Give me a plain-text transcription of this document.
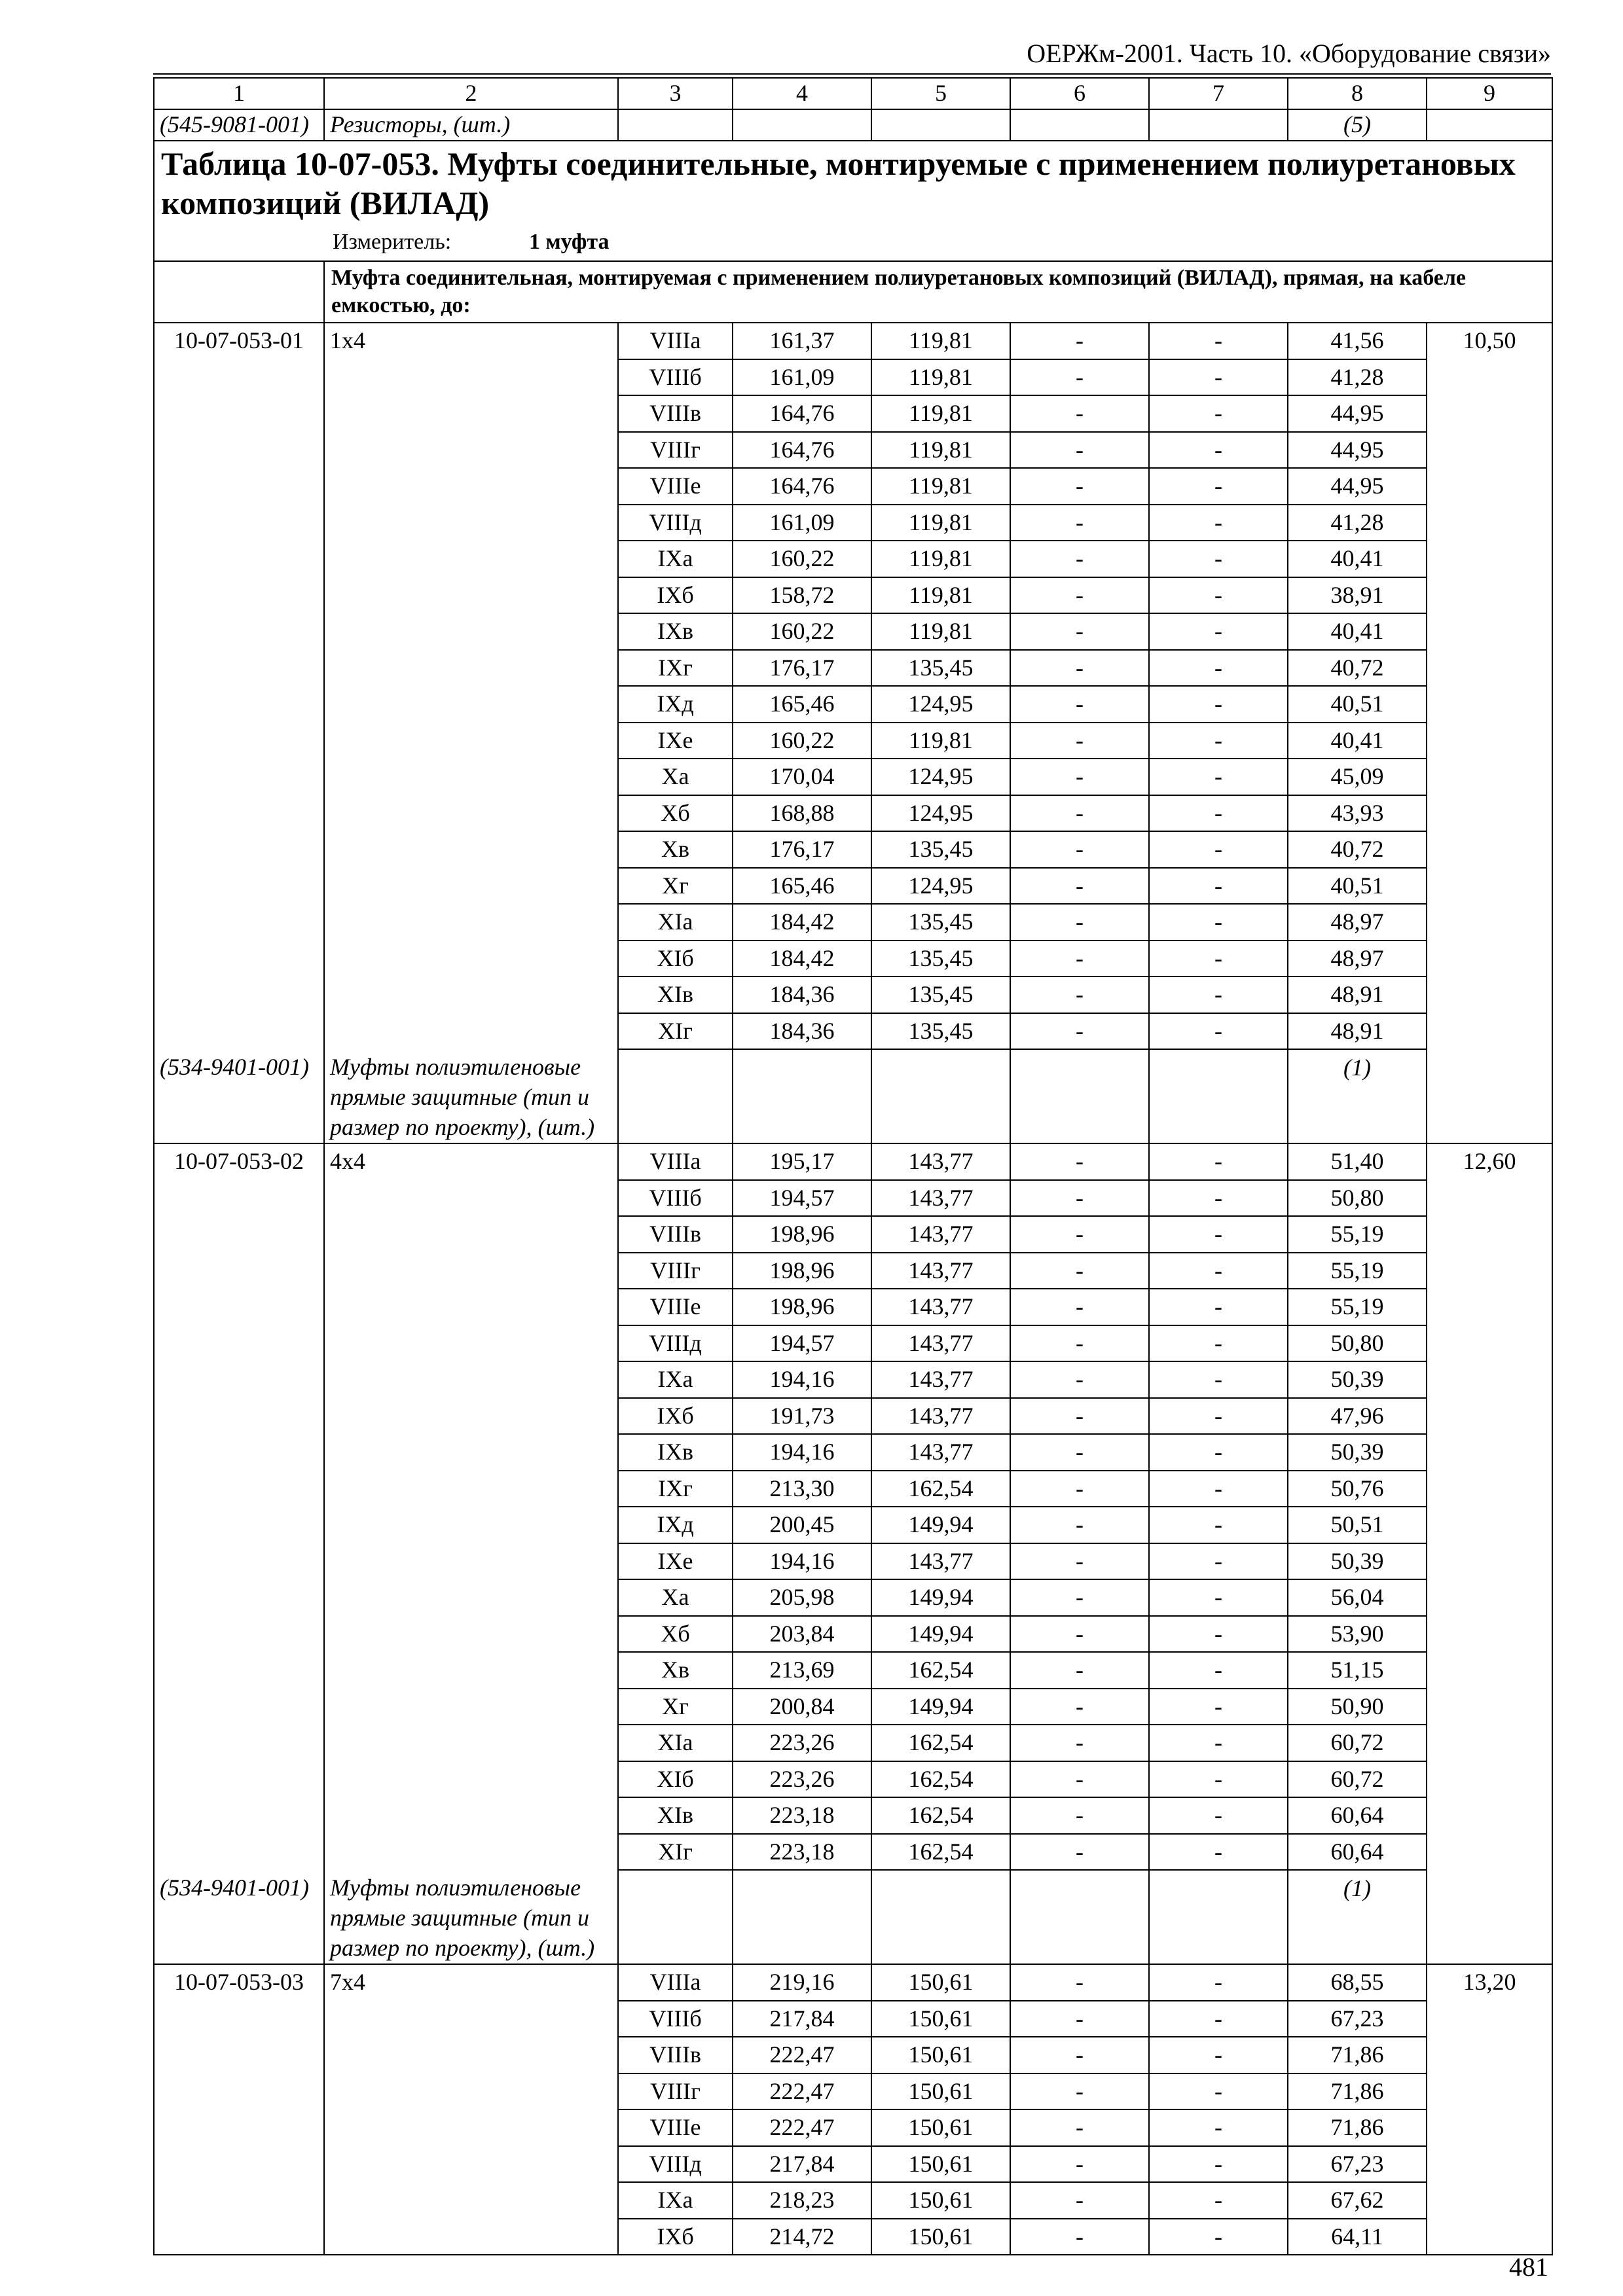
ОЕРЖм-2001. Часть 10. «Оборудование связи»
1	2	3	4	5	6	7	8	9
(545-9081-001)	Резисторы, (шт.)						(5)	

Таблица 10-07-053. Муфты соединительные, монтируемые с применением полиуретановых композиций (ВИЛАД)
Измеритель: 1 муфта								

	Муфта соединительная, монтируемая с применением полиуретановых композиций (ВИЛАД), прямая, на кабеле емкостью, до:							
10-07-053-01	1х4	VIIIа	161,37	119,81	-	-	41,56	10,50
		VIIIб	161,09	119,81	-	-	41,28	
		VIIIв	164,76	119,81	-	-	44,95	
		VIIIг	164,76	119,81	-	-	44,95	
		VIIIе	164,76	119,81	-	-	44,95	
		VIIIд	161,09	119,81	-	-	41,28	
		IXа	160,22	119,81	-	-	40,41	
		IXб	158,72	119,81	-	-	38,91	
		IXв	160,22	119,81	-	-	40,41	
		IXг	176,17	135,45	-	-	40,72	
		IXд	165,46	124,95	-	-	40,51	
		IXе	160,22	119,81	-	-	40,41	
		Xа	170,04	124,95	-	-	45,09	
		Xб	168,88	124,95	-	-	43,93	
		Xв	176,17	135,45	-	-	40,72	
		Xг	165,46	124,95	-	-	40,51	
		XIа	184,42	135,45	-	-	48,97	
		XIб	184,42	135,45	-	-	48,97	
		XIв	184,36	135,45	-	-	48,91	
		XIг	184,36	135,45	-	-	48,91	
(534-9401-001)	Муфты полиэтиленовые прямые защитные (тип и размер по проекту), (шт.)						(1)	
10-07-053-02	4х4	VIIIа	195,17	143,77	-	-	51,40	12,60
		VIIIб	194,57	143,77	-	-	50,80	
		VIIIв	198,96	143,77	-	-	55,19	
		VIIIг	198,96	143,77	-	-	55,19	
		VIIIе	198,96	143,77	-	-	55,19	
		VIIIд	194,57	143,77	-	-	50,80	
		IXа	194,16	143,77	-	-	50,39	
		IXб	191,73	143,77	-	-	47,96	
		IXв	194,16	143,77	-	-	50,39	
		IXг	213,30	162,54	-	-	50,76	
		IXд	200,45	149,94	-	-	50,51	
		IXе	194,16	143,77	-	-	50,39	
		Xа	205,98	149,94	-	-	56,04	
		Xб	203,84	149,94	-	-	53,90	
		Xв	213,69	162,54	-	-	51,15	
		Xг	200,84	149,94	-	-	50,90	
		XIа	223,26	162,54	-	-	60,72	
		XIб	223,26	162,54	-	-	60,72	
		XIв	223,18	162,54	-	-	60,64	
		XIг	223,18	162,54	-	-	60,64	
(534-9401-001)	Муфты полиэтиленовые прямые защитные (тип и размер по проекту), (шт.)						(1)	
10-07-053-03	7х4	VIIIа	219,16	150,61	-	-	68,55	13,20
		VIIIб	217,84	150,61	-	-	67,23	
		VIIIв	222,47	150,61	-	-	71,86	
		VIIIг	222,47	150,61	-	-	71,86	
		VIIIе	222,47	150,61	-	-	71,86	
		VIIIд	217,84	150,61	-	-	67,23	
		IXа	218,23	150,61	-	-	67,62	
		IXб	214,72	150,61	-	-	64,11	
481
